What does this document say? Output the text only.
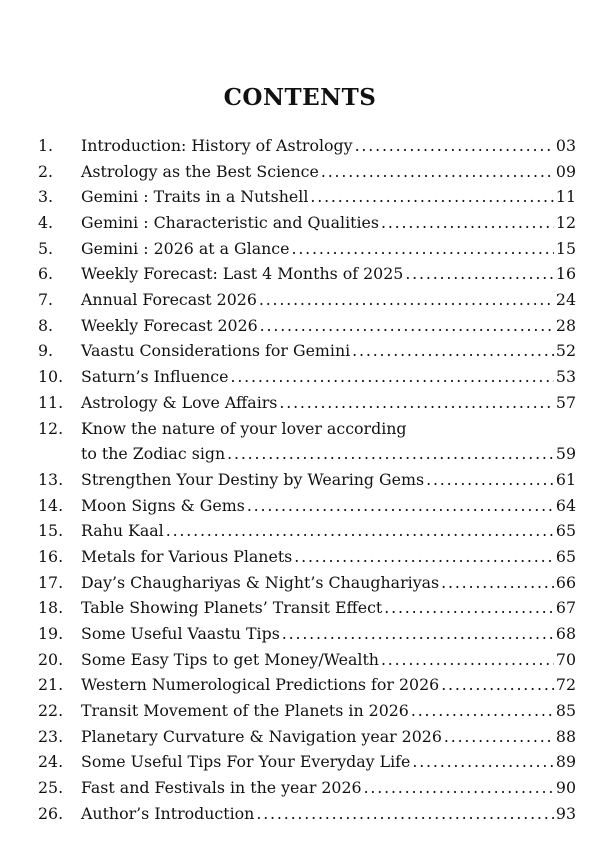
CONTENTS
1.	Introduction: History of Astrology . . .	03
2.	Astrology as the Best Science . . .	09
3.	Gemini : Traits in a Nutshell . . .	11
4.	Gemini : Characteristic and Qualities . . .	12
5.	Gemini : 2026 at a Glance . . .	15
6.	Weekly Forecast: Last 4 Months of 2025 . . .	16
7.	Annual Forecast 2026 . . .	24
8.	Weekly Forecast 2026 . . .	28
9.	Vaastu Considerations for Gemini . . .	52
10.	Saturn’s Influence . . .	53
11.	Astrology & Love Affairs . . .	57
12.	Know the nature of your lover according
to the Zodiac sign . . .	59
13.	Strengthen Your Destiny by Wearing Gems . . .	61
14.	Moon Signs & Gems . . .	64
15.	Rahu Kaal . . .	65
16.	Metals for Various Planets . . .	65
17.	Day’s Chaughariyas & Night’s Chaughariyas . . .	66
18.	Table Showing Planets’ Transit Effect . . .	67
19.	Some Useful Vaastu Tips . . .	68
20.	Some Easy Tips to get Money/Wealth . . .	70
21.	Western Numerological Predictions for 2026 . . .	72
22.	Transit Movement of the Planets in 2026 . . .	85
23.	Planetary Curvature & Navigation year 2026 . . .	88
24.	Some Useful Tips For Your Everyday Life . . .	89
25.	Fast and Festivals in the year 2026 . . .	90
26.	Author’s Introduction . . .	93
